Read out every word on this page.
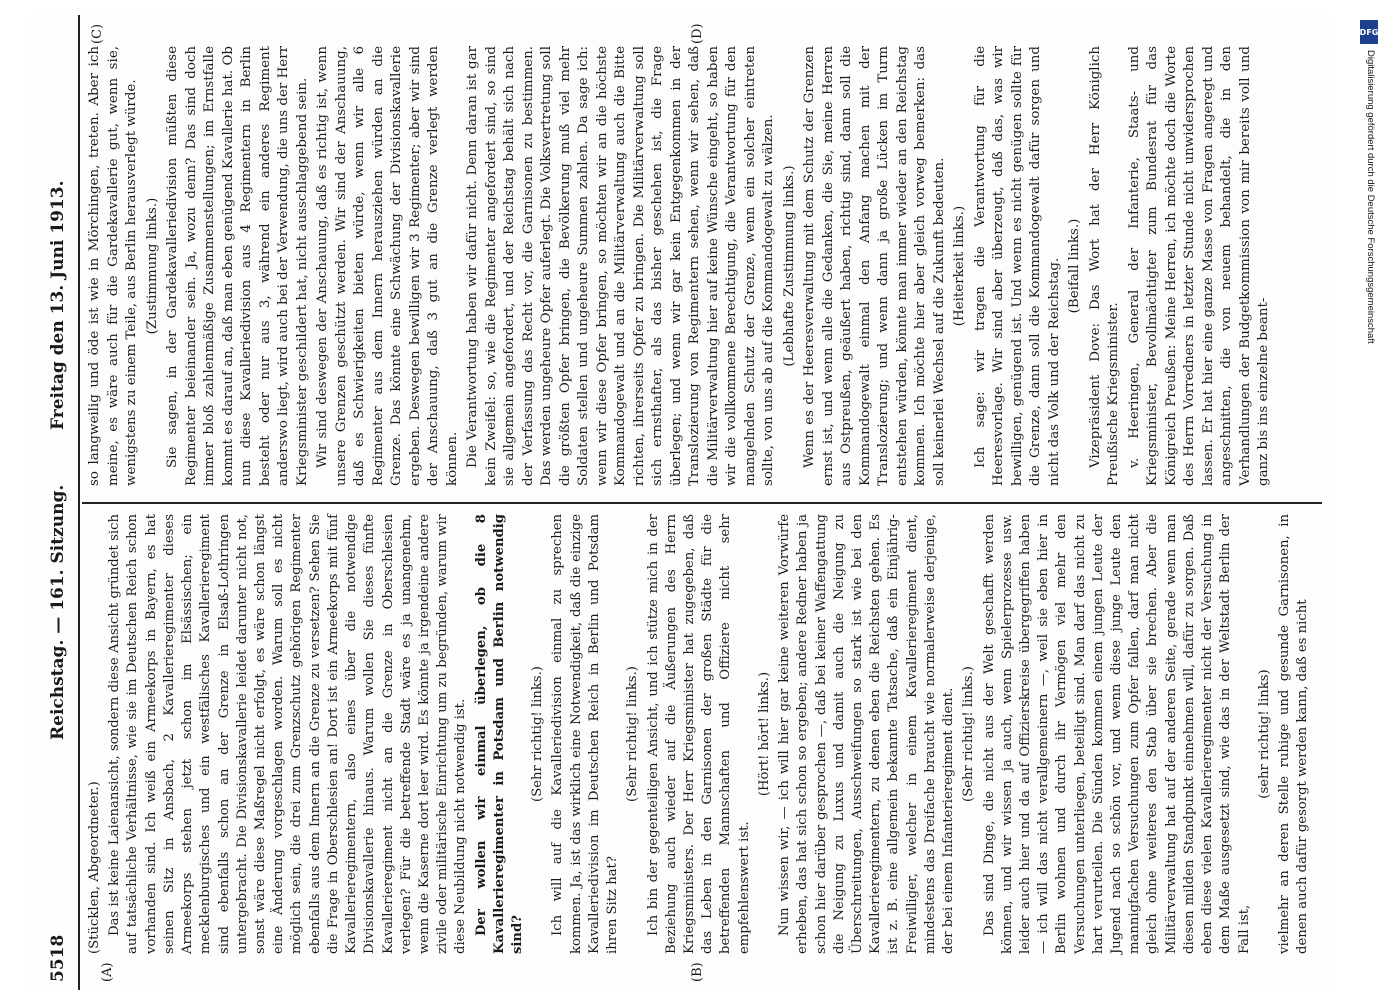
5518
Reichstag. — 161. Sitzung.
Freitag den 13. Juni 1913.
(A)	(B)
(C)	(D)

(Stücklen, Abgeordneter.) Das ist keine Laienansicht, sondern diese Ansicht gründet sich auf tatsächliche Verhältnisse, wie sie im Deutschen Reich schon vorhanden sind. Ich weiß ein Armeekorps in Bayern, es hat seinen Sitz in Ansbach, 2 Kavallerieregimenter dieses Armeekorps stehen jetzt schon im Elsässischen; ein mecklenburgisches und ein westfälisches Kavallerieregiment sind ebenfalls schon an der Grenze in Elsaß-Lothringen untergebracht. Die Divisionskavallerie leidet darunter nicht not, sonst wäre diese Maßregel nicht erfolgt, es wäre schon längst eine Änderung vorgeschlagen worden. Warum soll es nicht möglich sein, die drei zum Grenzschutz gehörigen Regimenter ebenfalls aus dem Innern an die Grenze zu versetzen? Sehen Sie die Frage in Oberschlesien an! Dort ist ein Armeekorps mit fünf Kavallerieregimentern, also eines über die notwendige Divisionskavallerie hinaus. Warum wollen Sie dieses fünfte Kavallerieregiment nicht an die Grenze in Oberschlesien verlegen? Für die betreffende Stadt wäre es ja unangenehm, wenn die Kaserne dort leer wird. Es könnte ja irgendeine andere zivile oder militärische Einrichtung um zu begründen, warum wir diese Neubildung nicht notwendig ist. Der wollen wir einmal überlegen, ob die 8 Kavallerieregimenter in Potsdam und Berlin notwendig sind?

(Sehr richtig! links.) Ich will auf die Kavalleriedivision einmal zu sprechen kommen. Ja, ist das wirklich eine Notwendigkeit, daß die einzige Kavalleriedivision im Deutschen Reich in Berlin und Potsdam ihren Sitz hat?

(Sehr richtig! links.) Ich bin der gegenteiligen Ansicht, und ich stütze mich in der Beziehung auch wieder auf die Äußerungen des Herrn Kriegsministers. Der Herr Kriegsminister hat zugegeben, daß das Leben in den Garnisonen der großen Städte für die betreffenden Mannschaften und Offiziere nicht sehr empfehlenswert ist.

(Hört! hört! links.) Nun wissen wir, — ich will hier gar keine weiteren Vorwürfe erheben, das hat sich schon so ergeben; andere Redner haben ja schon hier darüber gesprochen —, daß bei keiner Waffengattung die Neigung zu Luxus und damit auch die Neigung zu Überschreitungen, Ausschweifungen so stark ist wie bei den Kavallerieregimentern, zu denen eben die Reichsten gehen. Es ist z. B. eine allgemein bekannte Tatsache, daß ein Einjährig-Freiwilliger, welcher in einem Kavallerieregiment dient, mindestens das Dreifache braucht wie normalerweise derjenige, der bei einem Infanterieregiment dient. (Sehr richtig! links.) Das sind Dinge, die nicht aus der Welt geschafft werden können, und wir wissen ja auch, wenn Spielerprozesse usw. leider auch hier und da auf Offizierskreise übergegriffen haben — ich will das nicht verallgemeinern —, weil sie eben hier in Berlin wohnen und durch ihr Vermögen viel mehr den Versuchungen unterliegen, beteiligt sind. Man darf das nicht zu hart verurteilen. Die Sünden kommen einem jungen Leute der Jugend nach so schön vor, und wenn diese junge Leute den mannigfachen Versuchungen zum Opfer fallen, darf man nicht gleich ohne weiteres den Stab über sie brechen. Aber die Militärverwaltung hat auf der anderen Seite, gerade wenn man diesen milden Standpunkt einnehmen will, dafür zu sorgen. Daß eben diese vielen Kavallerieregimenter nicht der Versuchung in dem Maße ausgesetzt sind, wie das in der Weltstadt Berlin der Fall ist,

(sehr richtig! links) vielmehr an deren Stelle ruhige und gesunde Garnisonen, in denen auch dafür gesorgt werden kann, daß es nicht

so langweilig und öde ist wie in Mörchingen, treten. Aber ich meine, es wäre auch für die Gardekavallerie gut, wenn sie, wenigstens zu einem Teile, aus Berlin herausverlegt würde. (Zustimmung links.) Sie sagen, in der Gardekavalleriedivision müßten diese Regimenter beieinander sein. Ja, wozu denn? Das sind doch immer bloß zahlenmäßige Zusammenstellungen; im Ernstfalle kommt es darauf an, daß man eben genügend Kavallerie hat. Ob nun diese Kavalleriedivision aus 4 Regimentern in Berlin besteht oder nur aus 3, während ein anderes Regiment anderswo liegt, wird auch bei der Verwendung, die uns der Herr Kriegsminister geschildert hat, nicht ausschlaggebend sein. Wir sind deswegen der Anschauung, daß es richtig ist, wenn unsere Grenzen geschützt werden. Wir sind der Anschauung, daß es Schwierigkeiten bieten würde, wenn wir alle 6 Regimenter aus dem Innern herausziehen würden an die Grenze. Das könnte eine Schwächung der Divisionskavallerie ergeben. Deswegen bewilligen wir 3 Regimenter; aber wir sind der Anschauung, daß 3 gut an die Grenze verlegt werden können. Die Verantwortung haben wir dafür nicht. Denn daran ist gar kein Zweifel: so, wie die Regimenter angefordert sind, so sind sie allgemein angefordert, und der Reichstag behält sich nach der Verfassung das Recht vor, die Garnisonen zu bestimmen. Das werden ungeheure Opfer auferlegt. Die Volksvertretung soll die größten Opfer bringen, die Bevölkerung muß viel mehr Soldaten stellen und ungeheure Summen zahlen. Da sage ich: wenn wir diese Opfer bringen, so möchten wir an die höchste Kommandogewalt und an die Militärverwaltung auch die Bitte richten, ihrerseits Opfer zu bringen. Die Militärverwaltung soll sich ernsthafter, als das bisher geschehen ist, die Frage überlegen; und wenn wir gar kein Entgegenkommen in der Translozierung von Regimentern sehen, wenn wir sehen, daß die Militärverwaltung hier auf keine Wünsche eingeht, so haben wir die vollkommene Berechtigung, die Verantwortung für den mangelnden Schutz der Grenze, wenn ein solcher eintreten sollte, von uns ab auf die Kommandogewalt zu wälzen. (Lebhafte Zustimmung links.) Wenn es der Heeresverwaltung mit dem Schutz der Grenzen ernst ist, und wenn alle die Gedanken, die Sie, meine Herren aus Ostpreußen, geäußert haben, richtig sind, dann soll die Kommandogewalt einmal den Anfang machen mit der Translozierung; und wenn dann ja große Lücken im Turm entstehen würden, könnte man immer wieder an den Reichstag kommen. Ich möchte hier aber gleich vorweg bemerken: das soll keinerlei Wechsel auf die Zukunft bedeuten. (Heiterkeit links.) Ich sage: wir tragen die Verantwortung für die Heeresvorlage. Wir sind aber überzeugt, daß das, was wir bewilligen, genügend ist. Und wenn es nicht genügen sollte für die Grenze, dann soll die Kommandogewalt dafür sorgen und nicht das Volk und der Reichstag. (Beifall links.) Vizepräsident Dove: Das Wort hat der Herr Königlich Preußische Kriegsminister. v. Heeringen, General der Infanterie, Staats- und Kriegsminister, Bevollmächtigter zum Bundesrat für das Königreich Preußen: Meine Herren, ich möchte doch die Worte des Herrn Vorredners in letzter Stunde nicht unwidersprochen lassen. Er hat hier eine ganze Masse von Fragen angeregt und angeschnitten, die von neuem behandelt, die in den Verhandlungen der Budgetkommission von mir bereits voll und ganz bis ins einzelne beant-

DFG
Digitalisierung gefördert durch die Deutsche Forschungsgemeinschaft
